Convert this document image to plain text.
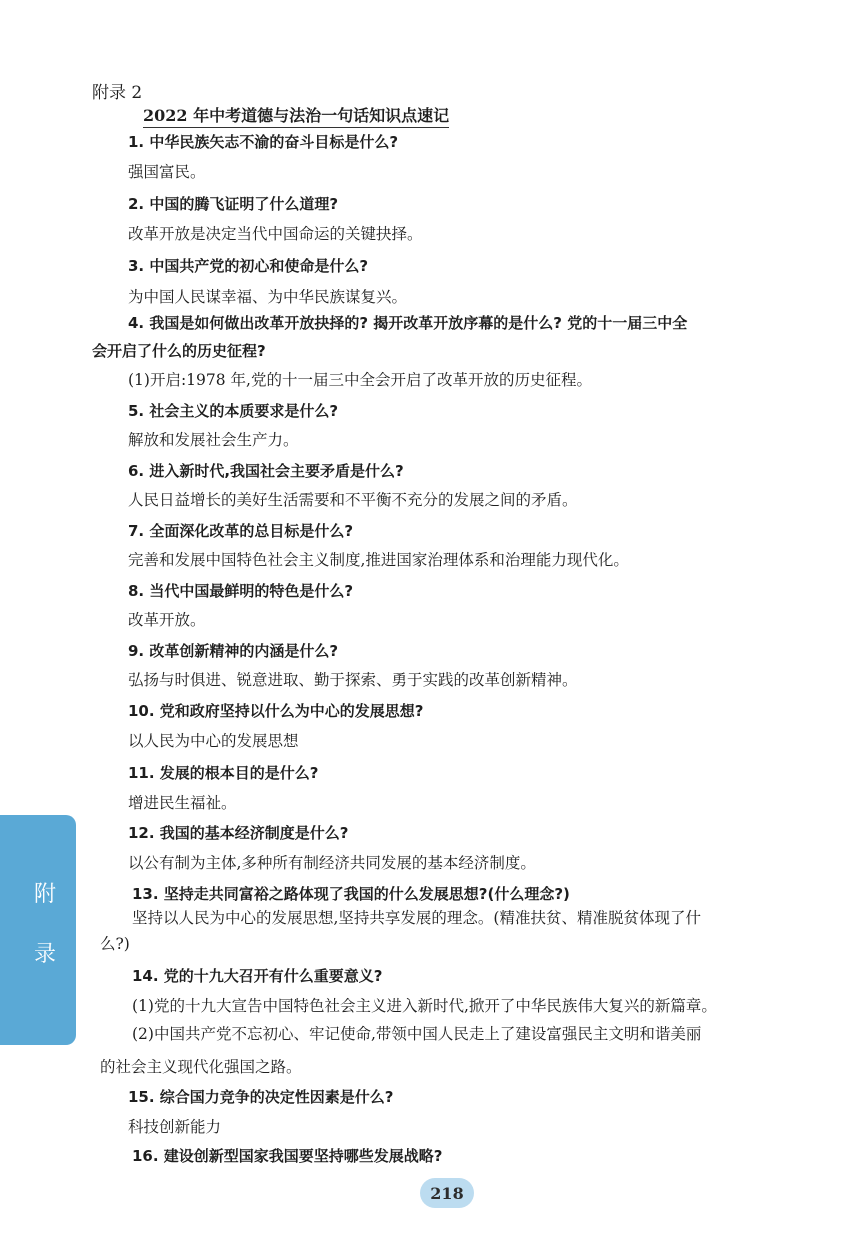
附录 2
2022 年中考道德与法治一句话知识点速记
1. 中华民族矢志不渝的奋斗目标是什么?
强国富民。
2. 中国的腾飞证明了什么道理?
改革开放是决定当代中国命运的关键抉择。
3. 中国共产党的初心和使命是什么?
为中国人民谋幸福、为中华民族谋复兴。
4. 我国是如何做出改革开放抉择的? 揭开改革开放序幕的是什么? 党的十一届三中全
会开启了什么的历史征程?
(1)开启:1978 年,党的十一届三中全会开启了改革开放的历史征程。
5. 社会主义的本质要求是什么?
解放和发展社会生产力。
6. 进入新时代,我国社会主要矛盾是什么?
人民日益增长的美好生活需要和不平衡不充分的发展之间的矛盾。
7. 全面深化改革的总目标是什么?
完善和发展中国特色社会主义制度,推进国家治理体系和治理能力现代化。
8. 当代中国最鲜明的特色是什么?
改革开放。
9. 改革创新精神的内涵是什么?
弘扬与时俱进、锐意进取、勤于探索、勇于实践的改革创新精神。
10. 党和政府坚持以什么为中心的发展思想?
以人民为中心的发展思想
11. 发展的根本目的是什么?
增进民生福祉。
12. 我国的基本经济制度是什么?
以公有制为主体,多种所有制经济共同发展的基本经济制度。
13. 坚持走共同富裕之路体现了我国的什么发展思想?(什么理念?)
坚持以人民为中心的发展思想,坚持共享发展的理念。(精准扶贫、精准脱贫体现了什
么?)
14. 党的十九大召开有什么重要意义?
(1)党的十九大宣告中国特色社会主义进入新时代,掀开了中华民族伟大复兴的新篇章。
(2)中国共产党不忘初心、牢记使命,带领中国人民走上了建设富强民主文明和谐美丽
的社会主义现代化强国之路。
15. 综合国力竞争的决定性因素是什么?
科技创新能力
16. 建设创新型国家我国要坚持哪些发展战略?
附
录
218
